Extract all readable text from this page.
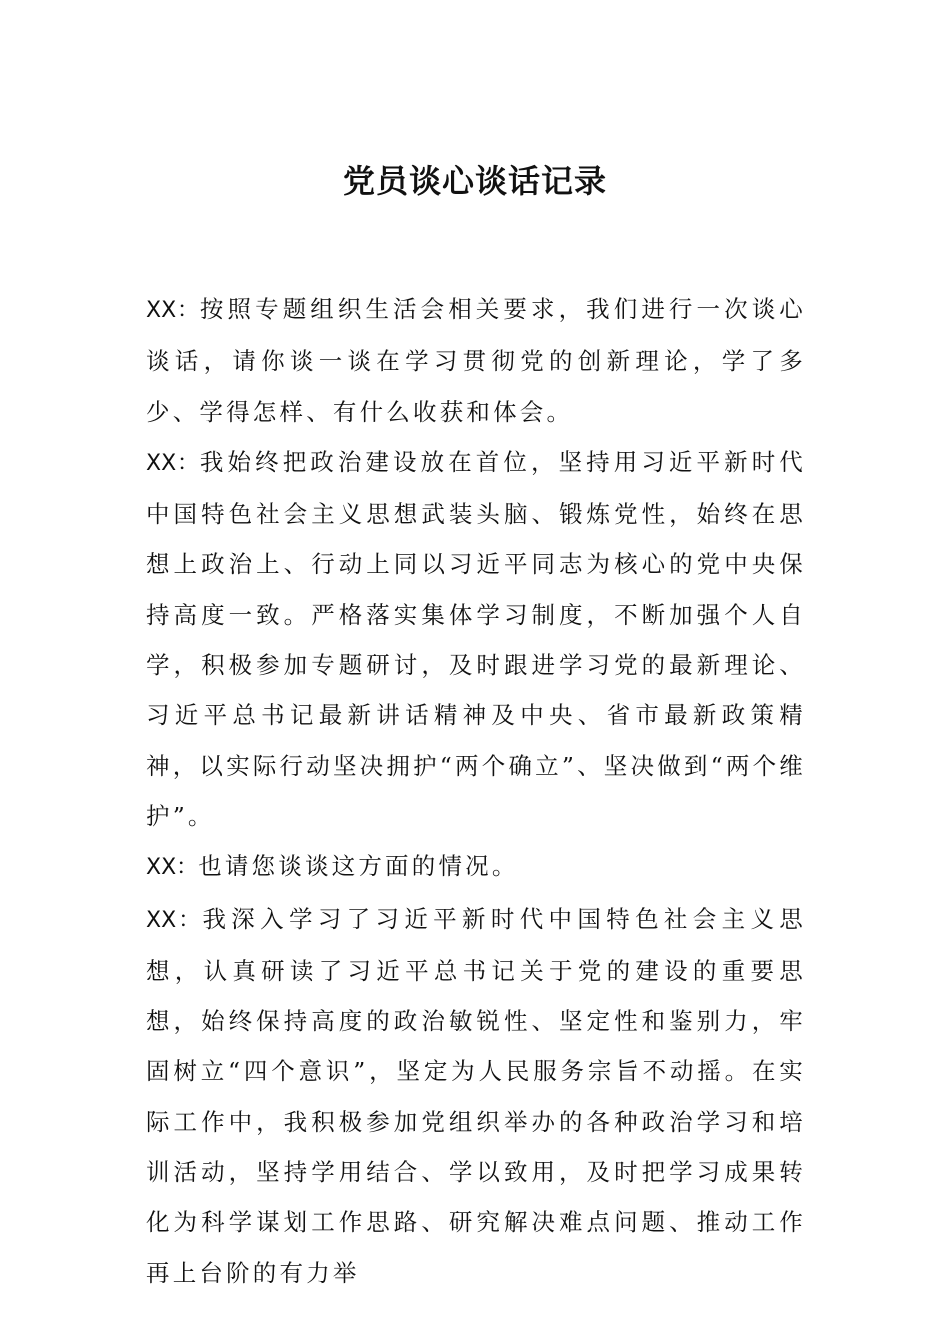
党员谈心谈话记录

XX：按照专题组织生活会相关要求，我们进行一次谈心谈话，请你谈一谈在学习贯彻党的创新理论，学了多少、学得怎样、有什么收获和体会。

XX：我始终把政治建设放在首位，坚持用习近平新时代中国特色社会主义思想武装头脑、锻炼党性，始终在思想上政治上、行动上同以习近平同志为核心的党中央保持高度一致。严格落实集体学习制度，不断加强个人自学，积极参加专题研讨，及时跟进学习党的最新理论、习近平总书记最新讲话精神及中央、省市最新政策精神，以实际行动坚决拥护“两个确立”、坚决做到“两个维护”。

XX：也请您谈谈这方面的情况。

XX：我深入学习了习近平新时代中国特色社会主义思想，认真研读了习近平总书记关于党的建设的重要思想，始终保持高度的政治敏锐性、坚定性和鉴别力，牢固树立“四个意识”，坚定为人民服务宗旨不动摇。在实际工作中，我积极参加党组织举办的各种政治学习和培训活动，坚持学用结合、学以致用，及时把学习成果转化为科学谋划工作思路、研究解决难点问题、推动工作再上台阶的有力举
